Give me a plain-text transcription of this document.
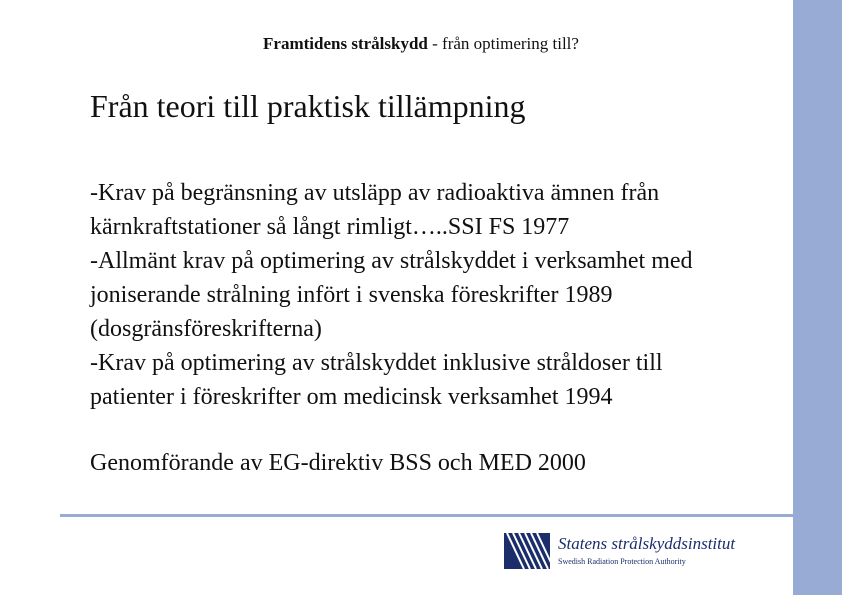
Framtidens strålskydd - från optimering till?
Från teori till praktisk tillämpning
-Krav på begränsning av utsläpp av radioaktiva ämnen från
kärnkraftstationer så långt rimligt…..SSI FS 1977
-Allmänt krav på optimering av strålskyddet i verksamhet med
joniserande strålning infört i svenska föreskrifter 1989
(dosgränsföreskrifterna)
-Krav på optimering av strålskyddet inklusive stråldoser till
patienter i föreskrifter om medicinsk verksamhet 1994
Genomförande av EG-direktiv BSS och MED 2000
Statens strålskyddsinstitut
Swedish Radiation Protection Authority
